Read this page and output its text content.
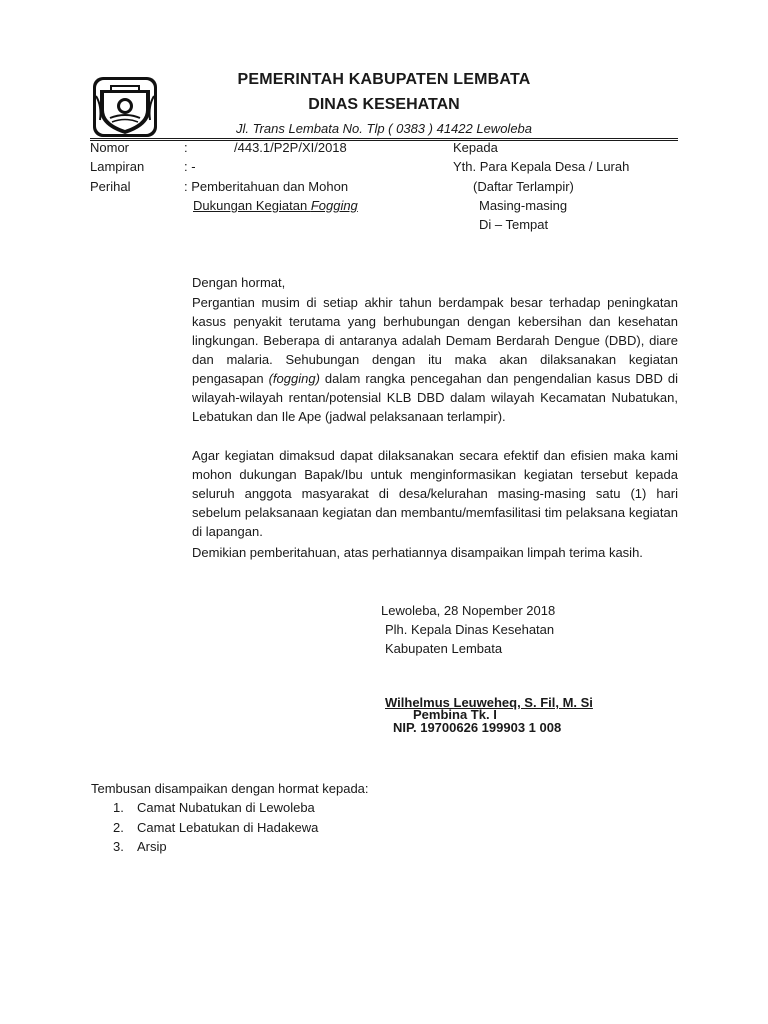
PEMERINTAH KABUPATEN LEMBATA
DINAS KESEHATAN
Jl. Trans Lembata No. Tlp ( 0383 ) 41422 Lewoleba
Nomor	:	/443.1/P2P/XI/2018
Lampiran	: -
Perihal	: Pemberitahuan dan Mohon
Dukungan Kegiatan Fogging
Kepada
Yth. Para Kepala Desa / Lurah
(Daftar Terlampir)
Masing-masing
Di – Tempat
Dengan hormat,

Pergantian musim di setiap akhir tahun berdampak besar terhadap peningkatan kasus penyakit terutama yang berhubungan dengan kebersihan dan kesehatan lingkungan. Beberapa di antaranya adalah Demam Berdarah Dengue (DBD), diare dan malaria. Sehubungan dengan itu maka akan dilaksanakan kegiatan pengasapan (fogging) dalam rangka pencegahan dan pengendalian kasus DBD di wilayah-wilayah rentan/potensial KLB DBD dalam wilayah Kecamatan Nubatukan, Lebatukan dan Ile Ape (jadwal pelaksanaan terlampir).

Agar kegiatan dimaksud dapat dilaksanakan secara efektif dan efisien maka kami mohon dukungan Bapak/Ibu untuk menginformasikan kegiatan tersebut kepada seluruh anggota masyarakat di desa/kelurahan masing-masing satu (1) hari sebelum pelaksanaan kegiatan dan membantu/memfasilitasi tim pelaksana kegiatan di lapangan.

Demikian pemberitahuan, atas perhatiannya disampaikan limpah terima kasih.
Lewoleba, 28 Nopember 2018
Plh. Kepala Dinas Kesehatan
Kabupaten Lembata
Wilhelmus Leuweheq, S. Fil, M. Si
Pembina Tk. I
NIP. 19700626 199903 1 008
Tembusan disampaikan dengan hormat kepada:
1. Camat Nubatukan di Lewoleba
2. Camat Lebatukan di Hadakewa
3. Arsip
